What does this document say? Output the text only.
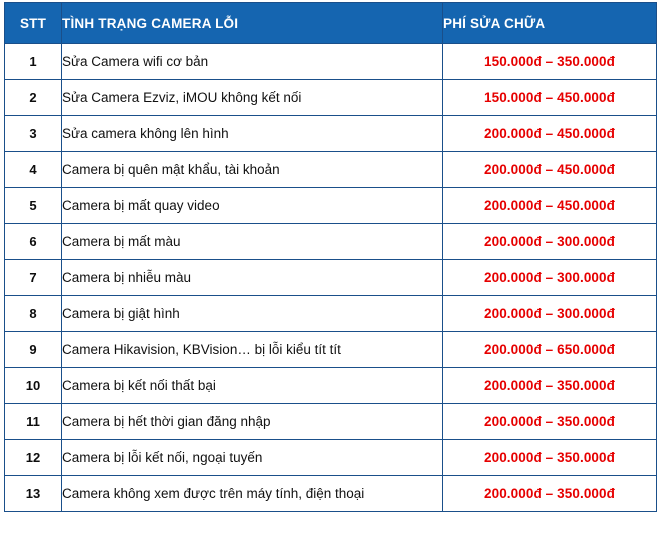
STT	TÌNH TRẠNG CAMERA LỖI	PHÍ SỬA CHỮA
1	Sửa Camera wifi cơ bản	150.000đ – 350.000đ
2	Sửa Camera Ezviz, iMOU không kết nối	150.000đ – 450.000đ
3	Sửa camera không lên hình	200.000đ – 450.000đ
4	Camera bị quên mật khẩu, tài khoản	200.000đ – 450.000đ
5	Camera bị mất quay video	200.000đ – 450.000đ
6	Camera bị mất màu	200.000đ – 300.000đ
7	Camera bị nhiễu màu	200.000đ – 300.000đ
8	Camera bị giật hình	200.000đ – 300.000đ
9	Camera Hikavision, KBVision… bị lỗi kiểu tít tít	200.000đ – 650.000đ
10	Camera bị kết nối thất bại	200.000đ – 350.000đ
11	Camera bị hết thời gian đăng nhập	200.000đ – 350.000đ
12	Camera bị lỗi kết nối, ngoại tuyến	200.000đ – 350.000đ
13	Camera không xem được trên máy tính, điện thoại	200.000đ – 350.000đ
